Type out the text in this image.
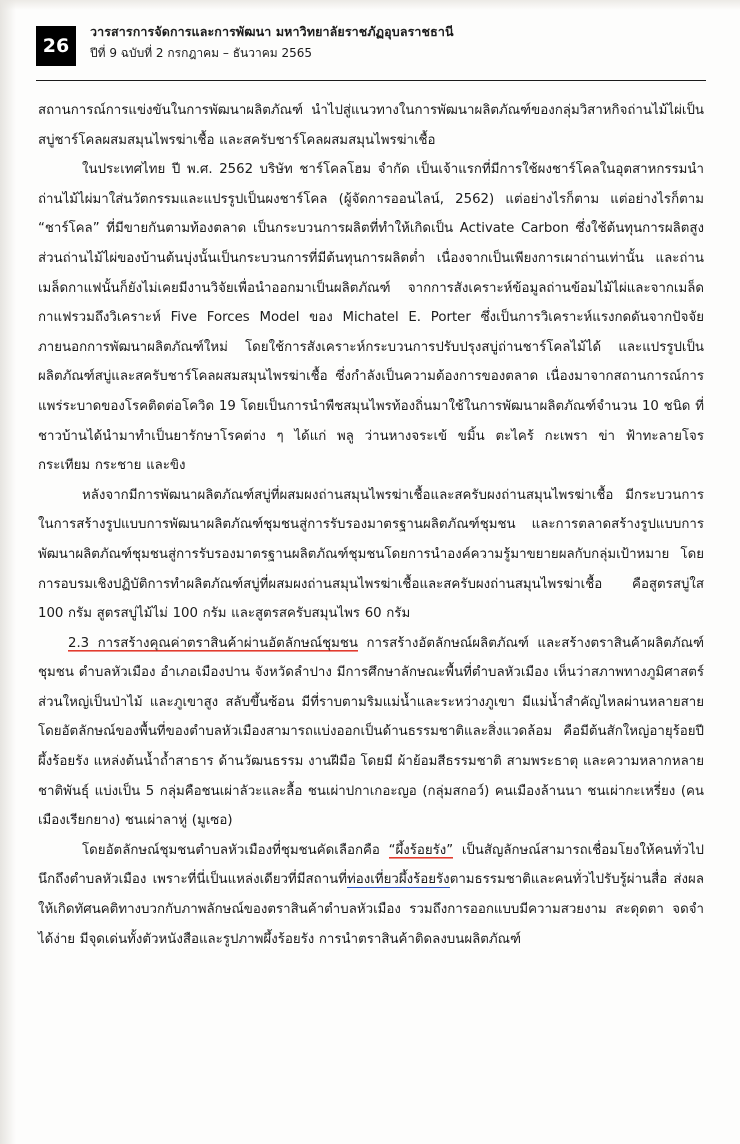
26
วารสารการจัดการและการพัฒนา มหาวิทยาลัยราชภัฏอุบลราชธานี
ปีที่ 9 ฉบับที่ 2 กรกฎาคม – ธันวาคม 2565

สถานการณ์การแข่งขันในการพัฒนาผลิตภัณฑ์ นำไปสู่แนวทางในการพัฒนาผลิตภัณฑ์ของกลุ่มวิสาหกิจถ่านไม้ไผ่เป็นสบู่ชาร์โคลผสมสมุนไพรฆ่าเชื้อ และสครับชาร์โคลผสมสมุนไพรฆ่าเชื้อ

ในประเทศไทย ปี พ.ศ. 2562 บริษัท ชาร์โคลโฮม จำกัด เป็นเจ้าแรกที่มีการใช้ผงชาร์โคลในอุตสาหกรรมนำถ่านไม้ไผ่มาใส่นวัตกรรมและแปรรูปเป็นผงชาร์โคล (ผู้จัดการออนไลน์, 2562) แต่อย่างไรก็ตาม แต่อย่างไรก็ตาม “ชาร์โคล” ที่มีขายกันตามท้องตลาด เป็นกระบวนการผลิตที่ทำให้เกิดเป็น Activate Carbon ซึ่งใช้ต้นทุนการผลิตสูง ส่วนถ่านไม้ไผ่ของบ้านต้นบุ่งนั้นเป็นกระบวนการที่มีต้นทุนการผลิตต่ำ เนื่องจากเป็นเพียงการเผาถ่านเท่านั้น และถ่านเมล็ดกาแฟนั้นก็ยังไม่เคยมีงานวิจัยเพื่อนำออกมาเป็นผลิตภัณฑ์ จากการสังเคราะห์ข้อมูลถ่านข้อมไม้ไผ่และจากเมล็ดกาแฟรวมถึงวิเคราะห์ Five Forces Model ของ Michatel E. Porter ซึ่งเป็นการวิเคราะห์แรงกดดันจากปัจจัยภายนอกการพัฒนาผลิตภัณฑ์ใหม่ โดยใช้การสังเคราะห์กระบวนการปรับปรุงสบู่ถ่านชาร์โคลไม้ได้ และแปรรูปเป็นผลิตภัณฑ์สบู่และสครับชาร์โคลผสมสมุนไพรฆ่าเชื้อ ซึ่งกำลังเป็นความต้องการของตลาด เนื่องมาจากสถานการณ์การแพร่ระบาดของโรคติดต่อโควิด 19 โดยเป็นการนำพืชสมุนไพรท้องถิ่นมาใช้ในการพัฒนาผลิตภัณฑ์จำนวน 10 ชนิด ที่ชาวบ้านได้นำมาทำเป็นยารักษาโรคต่าง ๆ ได้แก่ พลู ว่านหางจระเข้ ขมิ้น ตะไคร้ กะเพรา ข่า ฟ้าทะลายโจร กระเทียม กระชาย และขิง

หลังจากมีการพัฒนาผลิตภัณฑ์สบู่ที่ผสมผงถ่านสมุนไพรฆ่าเชื้อและสครับผงถ่านสมุนไพรฆ่าเชื้อ มีกระบวนการในการสร้างรูปแบบการพัฒนาผลิตภัณฑ์ชุมชนสู่การรับรองมาตรฐานผลิตภัณฑ์ชุมชน และการตลาดสร้างรูปแบบการพัฒนาผลิตภัณฑ์ชุมชนสู่การรับรองมาตรฐานผลิตภัณฑ์ชุมชนโดยการนำองค์ความรู้มาขยายผลกับกลุ่มเป้าหมาย โดยการอบรมเชิงปฏิบัติการทำผลิตภัณฑ์สบู่ที่ผสมผงถ่านสมุนไพรฆ่าเชื้อและสครับผงถ่านสมุนไพรฆ่าเชื้อ คือสูตรสบู่ใส 100 กรัม สูตรสบู่ไม้ไม่ 100 กรัม และสูตรสครับสมุนไพร 60 กรัม

2.3 การสร้างคุณค่าตราสินค้าผ่านอัตลักษณ์ชุมชน การสร้างอัตลักษณ์ผลิตภัณฑ์ และสร้างตราสินค้าผลิตภัณฑ์ชุมชน ตำบลหัวเมือง อำเภอเมืองปาน จังหวัดลำปาง มีการศึกษาลักษณะพื้นที่ตำบลหัวเมือง เห็นว่าสภาพทางภูมิศาสตร์ ส่วนใหญ่เป็นป่าไม้ และภูเขาสูง สลับขึ้นซ้อน มีที่ราบตามริมแม่น้ำและระหว่างภูเขา มีแม่น้ำสำคัญไหลผ่านหลายสาย โดยอัตลักษณ์ของพื้นที่ของตำบลหัวเมืองสามารถแบ่งออกเป็นด้านธรรมชาติและสิ่งแวดล้อม คือมีต้นสักใหญ่อายุร้อยปี ผึ้งร้อยรัง แหล่งต้นน้ำถ้ำสาธาร ด้านวัฒนธรรม งานฝีมือ โดยมี ผ้าย้อมสีธรรมชาติ สามพระธาตุ และความหลากหลายชาติพันธุ์ แบ่งเป็น 5 กลุ่มคือชนเผ่าลัวะและลื้อ ชนเผ่าปกาเกอะญอ (กลุ่มสกอว์) คนเมืองล้านนา ชนเผ่ากะเหรี่ยง (คนเมืองเรียกยาง) ชนเผ่าลาหู่ (มูเซอ)

โดยอัตลักษณ์ชุมชนตำบลหัวเมืองที่ชุมชนคัดเลือกคือ “ผึ้งร้อยรัง” เป็นสัญลักษณ์สามารถเชื่อมโยงให้คนทั่วไปนึกถึงตำบลหัวเมือง เพราะที่นี่เป็นแหล่งเดียวที่มีสถานที่ท่องเที่ยวผึ้งร้อยรังตามธรรมชาติและคนทั่วไปรับรู้ผ่านสื่อ ส่งผลให้เกิดทัศนคติทางบวกกับภาพลักษณ์ของตราสินค้าตำบลหัวเมือง รวมถึงการออกแบบมีความสวยงาม สะดุดตา จดจำได้ง่าย มีจุดเด่นทั้งตัวหนังสือและรูปภาพผึ้งร้อยรัง การนำตราสินค้าติดลงบนผลิตภัณฑ์
